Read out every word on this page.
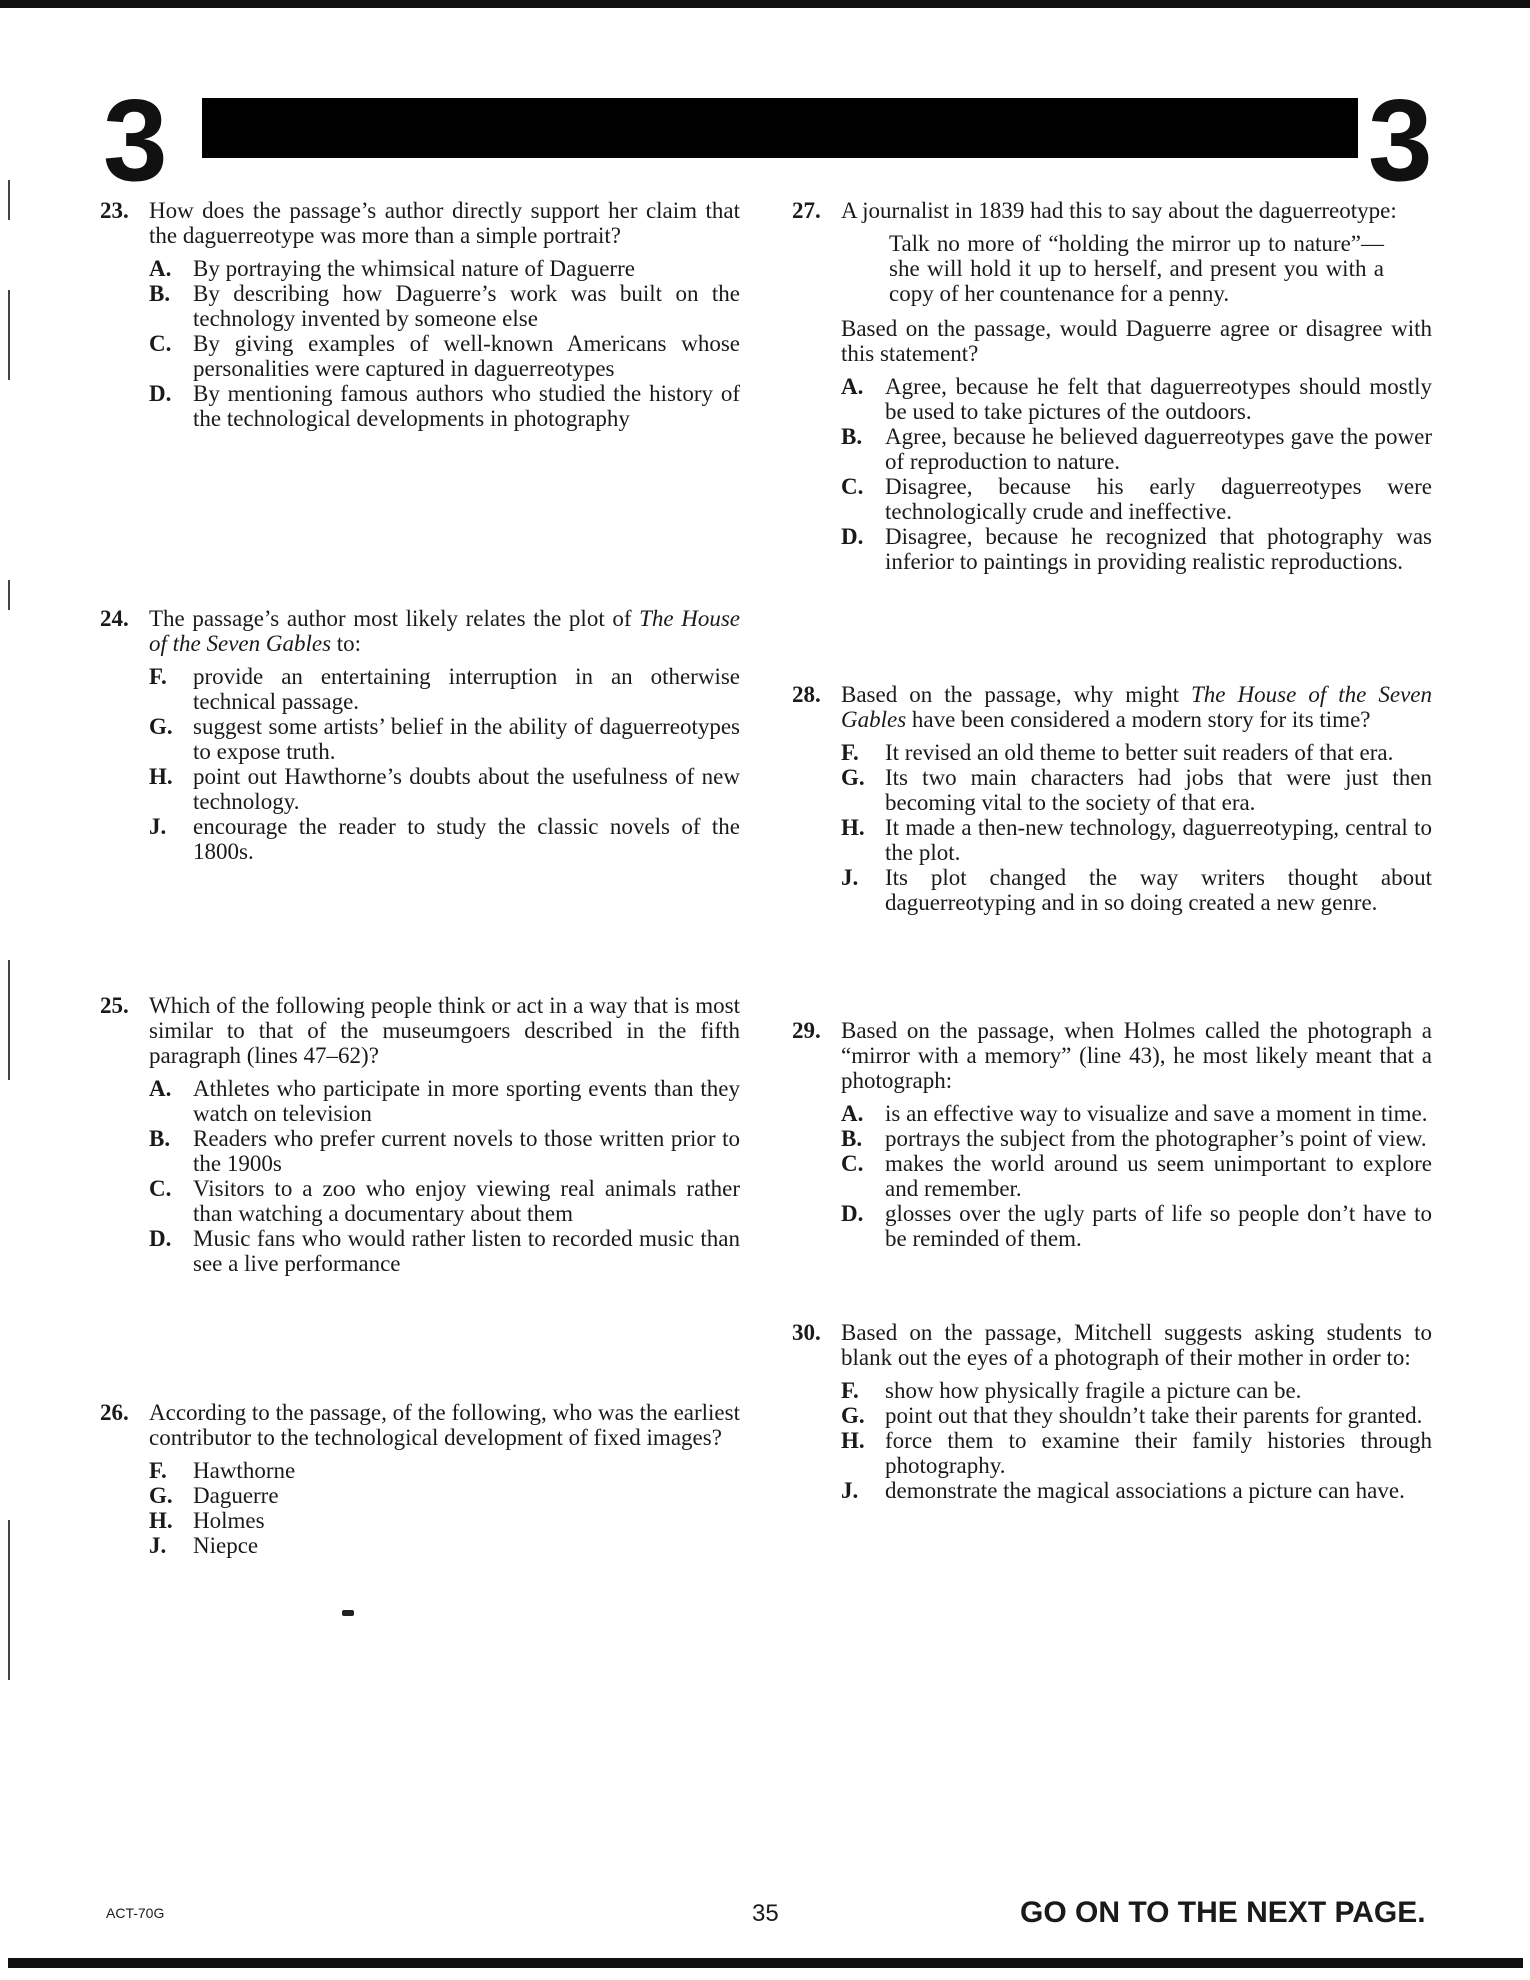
3	3
23. How does the passage’s author directly support her claim that the daguerreotype was more than a simple portrait?
A. By portraying the whimsical nature of Daguerre
B. By describing how Daguerre’s work was built on the technology invented by someone else
C. By giving examples of well-known Americans whose personalities were captured in daguerreotypes
D. By mentioning famous authors who studied the history of the technological developments in photography
24. The passage’s author most likely relates the plot of The House of the Seven Gables to:
F.	provide an entertaining interruption in an otherwise technical passage.
G. suggest some artists’ belief in the ability of daguerreotypes to expose truth.
H. point out Hawthorne’s doubts about the usefulness of new technology.
J.	encourage the reader to study the classic novels of the 1800s.
25. Which of the following people think or act in a way that is most similar to that of the museumgoers described in the fifth paragraph (lines 47–62)?
A. Athletes who participate in more sporting events than they watch on television
B. Readers who prefer current novels to those written prior to the 1900s
C. Visitors to a zoo who enjoy viewing real animals rather than watching a documentary about them
D. Music fans who would rather listen to recorded music than see a live performance
26. According to the passage, of the following, who was the earliest contributor to the technological development of fixed images?
F.	Hawthorne
G. Daguerre
H. Holmes
J.	Niepce
27. A journalist in 1839 had this to say about the daguerreotype:
Talk no more of “holding the mirror up to nature”—she will hold it up to herself, and present you with a copy of her countenance for a penny.
Based on the passage, would Daguerre agree or disagree with this statement?
A. Agree, because he felt that daguerreotypes should mostly be used to take pictures of the outdoors.
B. Agree, because he believed daguerreotypes gave the power of reproduction to nature.
C. Disagree, because his early daguerreotypes were technologically crude and ineffective.
D. Disagree, because he recognized that photography was inferior to paintings in providing realistic reproductions.
28. Based on the passage, why might The House of the Seven Gables have been considered a modern story for its time?
F.	It revised an old theme to better suit readers of that era.
G. Its two main characters had jobs that were just then becoming vital to the society of that era.
H. It made a then-new technology, daguerreotyping, central to the plot.
J.	Its plot changed the way writers thought about daguerreotyping and in so doing created a new genre.
29. Based on the passage, when Holmes called the photograph a “mirror with a memory” (line 43), he most likely meant that a photograph:
A. is an effective way to visualize and save a moment in time.
B. portrays the subject from the photographer’s point of view.
C. makes the world around us seem unimportant to explore and remember.
D. glosses over the ugly parts of life so people don’t have to be reminded of them.
30. Based on the passage, Mitchell suggests asking students to blank out the eyes of a photograph of their mother in order to:
F.	show how physically fragile a picture can be.
G. point out that they shouldn’t take their parents for granted.
H. force them to examine their family histories through photography.
J.	demonstrate the magical associations a picture can have.
ACT-70G	35	GO ON TO THE NEXT PAGE.
